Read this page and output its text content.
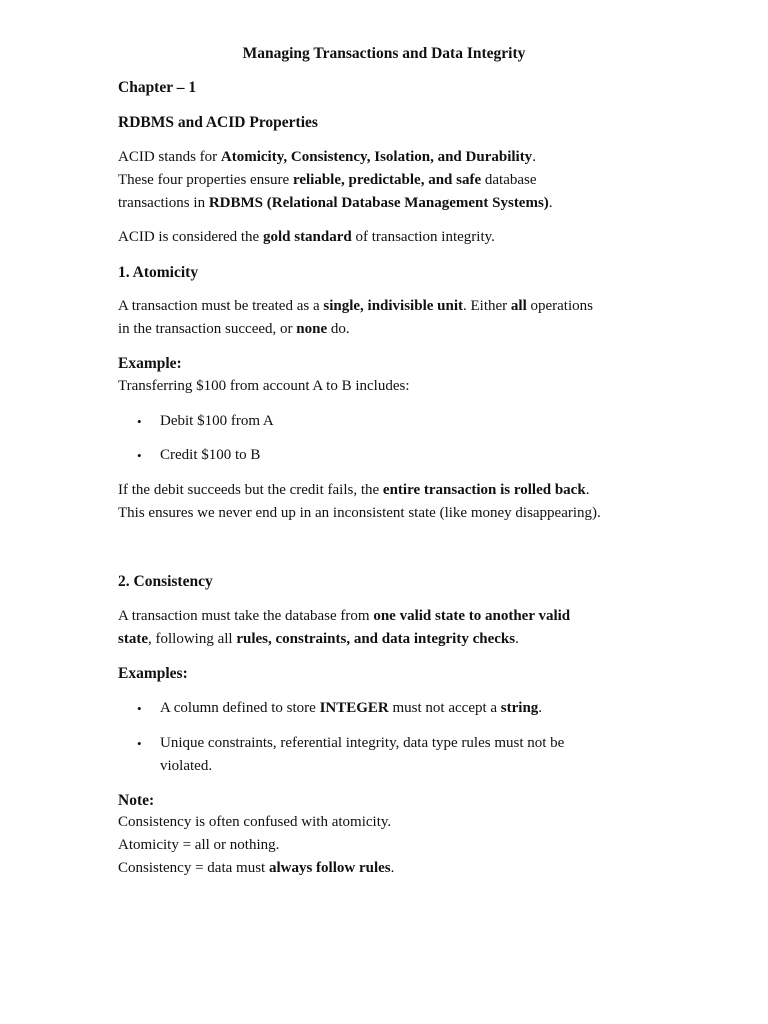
Managing Transactions and Data Integrity
Chapter – 1
RDBMS and ACID Properties
ACID stands for Atomicity, Consistency, Isolation, and Durability.
These four properties ensure reliable, predictable, and safe database
transactions in RDBMS (Relational Database Management Systems).
ACID is considered the gold standard of transaction integrity.
1. Atomicity
A transaction must be treated as a single, indivisible unit. Either all operations
in the transaction succeed, or none do.
Example:
Transferring $100 from account A to B includes:
• Debit $100 from A
• Credit $100 to B
If the debit succeeds but the credit fails, the entire transaction is rolled back.
This ensures we never end up in an inconsistent state (like money disappearing).
2. Consistency
A transaction must take the database from one valid state to another valid
state, following all rules, constraints, and data integrity checks.
Examples:
• A column defined to store INTEGER must not accept a string.
• Unique constraints, referential integrity, data type rules must not be
violated.
Note:
Consistency is often confused with atomicity.
Atomicity = all or nothing.
Consistency = data must always follow rules.
